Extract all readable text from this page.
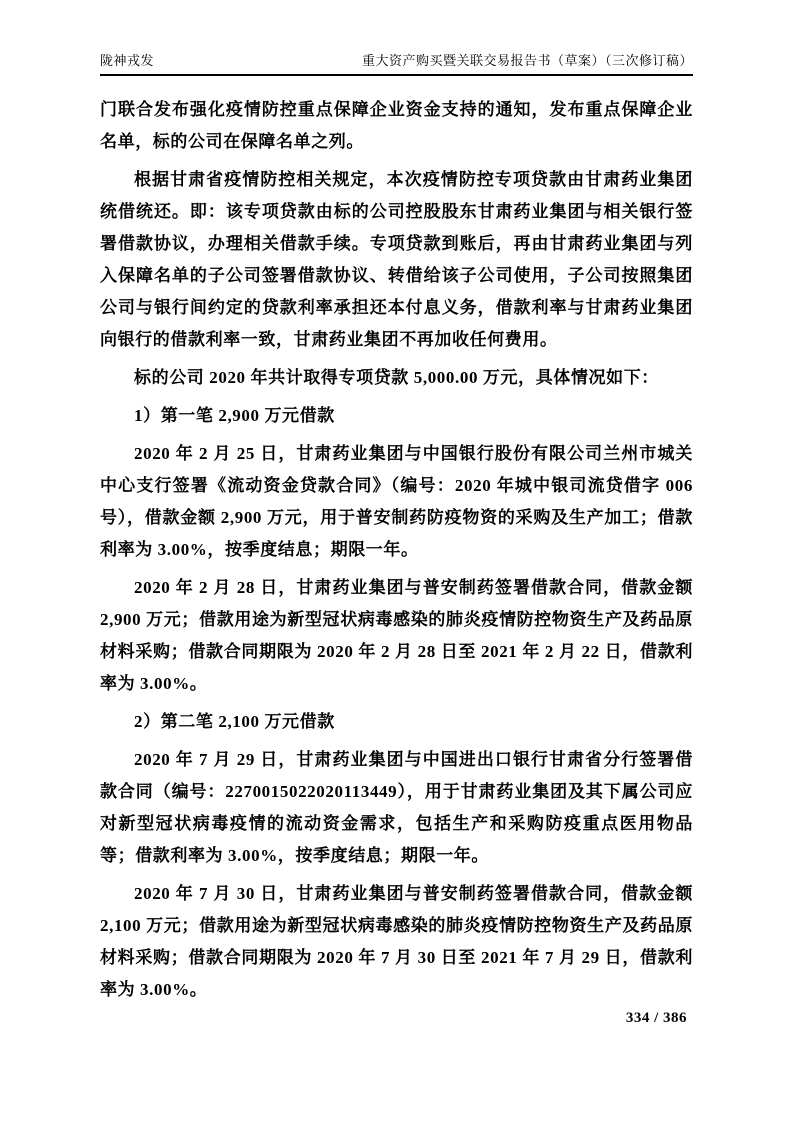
陇神戎发	重大资产购买暨关联交易报告书（草案）（三次修订稿）

门联合发布强化疫情防控重点保障企业资金支持的通知，发布重点保障企业名单，标的公司在保障名单之列。

根据甘肃省疫情防控相关规定，本次疫情防控专项贷款由甘肃药业集团统借统还。即：该专项贷款由标的公司控股股东甘肃药业集团与相关银行签署借款协议，办理相关借款手续。专项贷款到账后，再由甘肃药业集团与列入保障名单的子公司签署借款协议、转借给该子公司使用，子公司按照集团公司与银行间约定的贷款利率承担还本付息义务，借款利率与甘肃药业集团向银行的借款利率一致，甘肃药业集团不再加收任何费用。

标的公司 2020 年共计取得专项贷款 5,000.00 万元，具体情况如下：

1）第一笔 2,900 万元借款

2020 年 2 月 25 日，甘肃药业集团与中国银行股份有限公司兰州市城关中心支行签署《流动资金贷款合同》（编号：2020 年城中银司流贷借字 006 号），借款金额 2,900 万元，用于普安制药防疫物资的采购及生产加工；借款利率为 3.00%，按季度结息；期限一年。

2020 年 2 月 28 日，甘肃药业集团与普安制药签署借款合同，借款金额 2,900 万元；借款用途为新型冠状病毒感染的肺炎疫情防控物资生产及药品原材料采购；借款合同期限为 2020 年 2 月 28 日至 2021 年 2 月 22 日，借款利率为 3.00%。

2）第二笔 2,100 万元借款

2020 年 7 月 29 日，甘肃药业集团与中国进出口银行甘肃省分行签署借款合同（编号：2270015022020113449），用于甘肃药业集团及其下属公司应对新型冠状病毒疫情的流动资金需求，包括生产和采购防疫重点医用物品等；借款利率为 3.00%，按季度结息；期限一年。

2020 年 7 月 30 日，甘肃药业集团与普安制药签署借款合同，借款金额 2,100 万元；借款用途为新型冠状病毒感染的肺炎疫情防控物资生产及药品原材料采购；借款合同期限为 2020 年 7 月 30 日至 2021 年 7 月 29 日，借款利率为 3.00%。

334 / 386
